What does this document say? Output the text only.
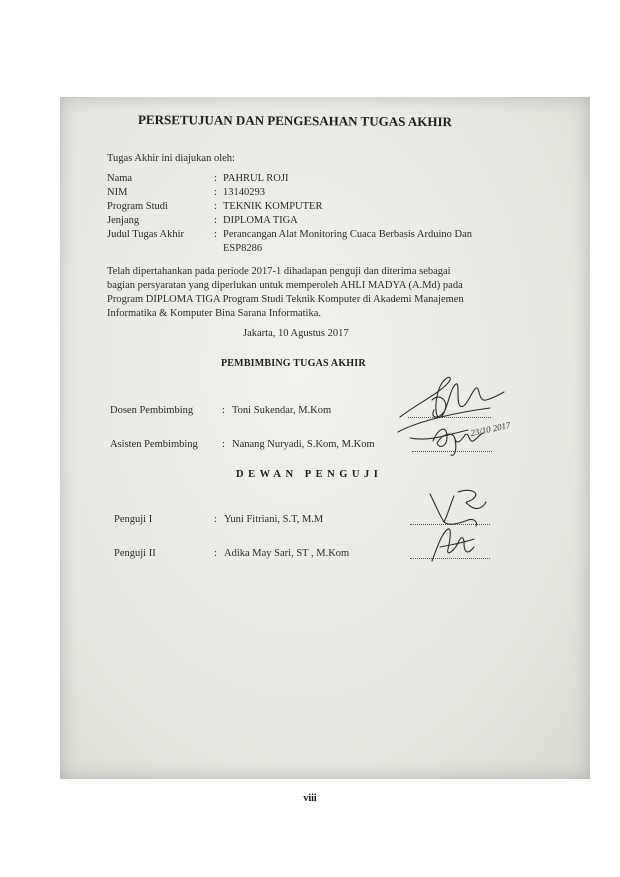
PERSETUJUAN DAN PENGESAHAN TUGAS AKHIR
Tugas Akhir ini diajukan oleh:
Nama	: PAHRUL ROJI
NIM	: 13140293
Program Studi	: TEKNIK KOMPUTER
Jenjang	: DIPLOMA TIGA
Judul Tugas Akhir	: Perancangan Alat Monitoring Cuaca Berbasis Arduino Dan
ESP8286
Telah dipertahankan pada periode 2017-1 dihadapan penguji dan diterima sebagai
bagian persyaratan yang diperlukan untuk memperoleh AHLI MADYA (A.Md) pada
Program DIPLOMA TIGA Program Studi Teknik Komputer di Akademi Manajemen
Informatika & Komputer Bina Sarana Informatika.
Jakarta, 10 Agustus 2017
PEMBIMBING TUGAS AKHIR
Dosen Pembimbing	: Toni Sukendar, M.Kom
Asisten Pembimbing : Nanang Nuryadi, S.Kom, M.Kom
23/10 2017
DEWAN PENGUJI
Penguji I	: Yuni Fitriani, S.T, M.M
Penguji II	: Adika May Sari, ST , M.Kom
viii
